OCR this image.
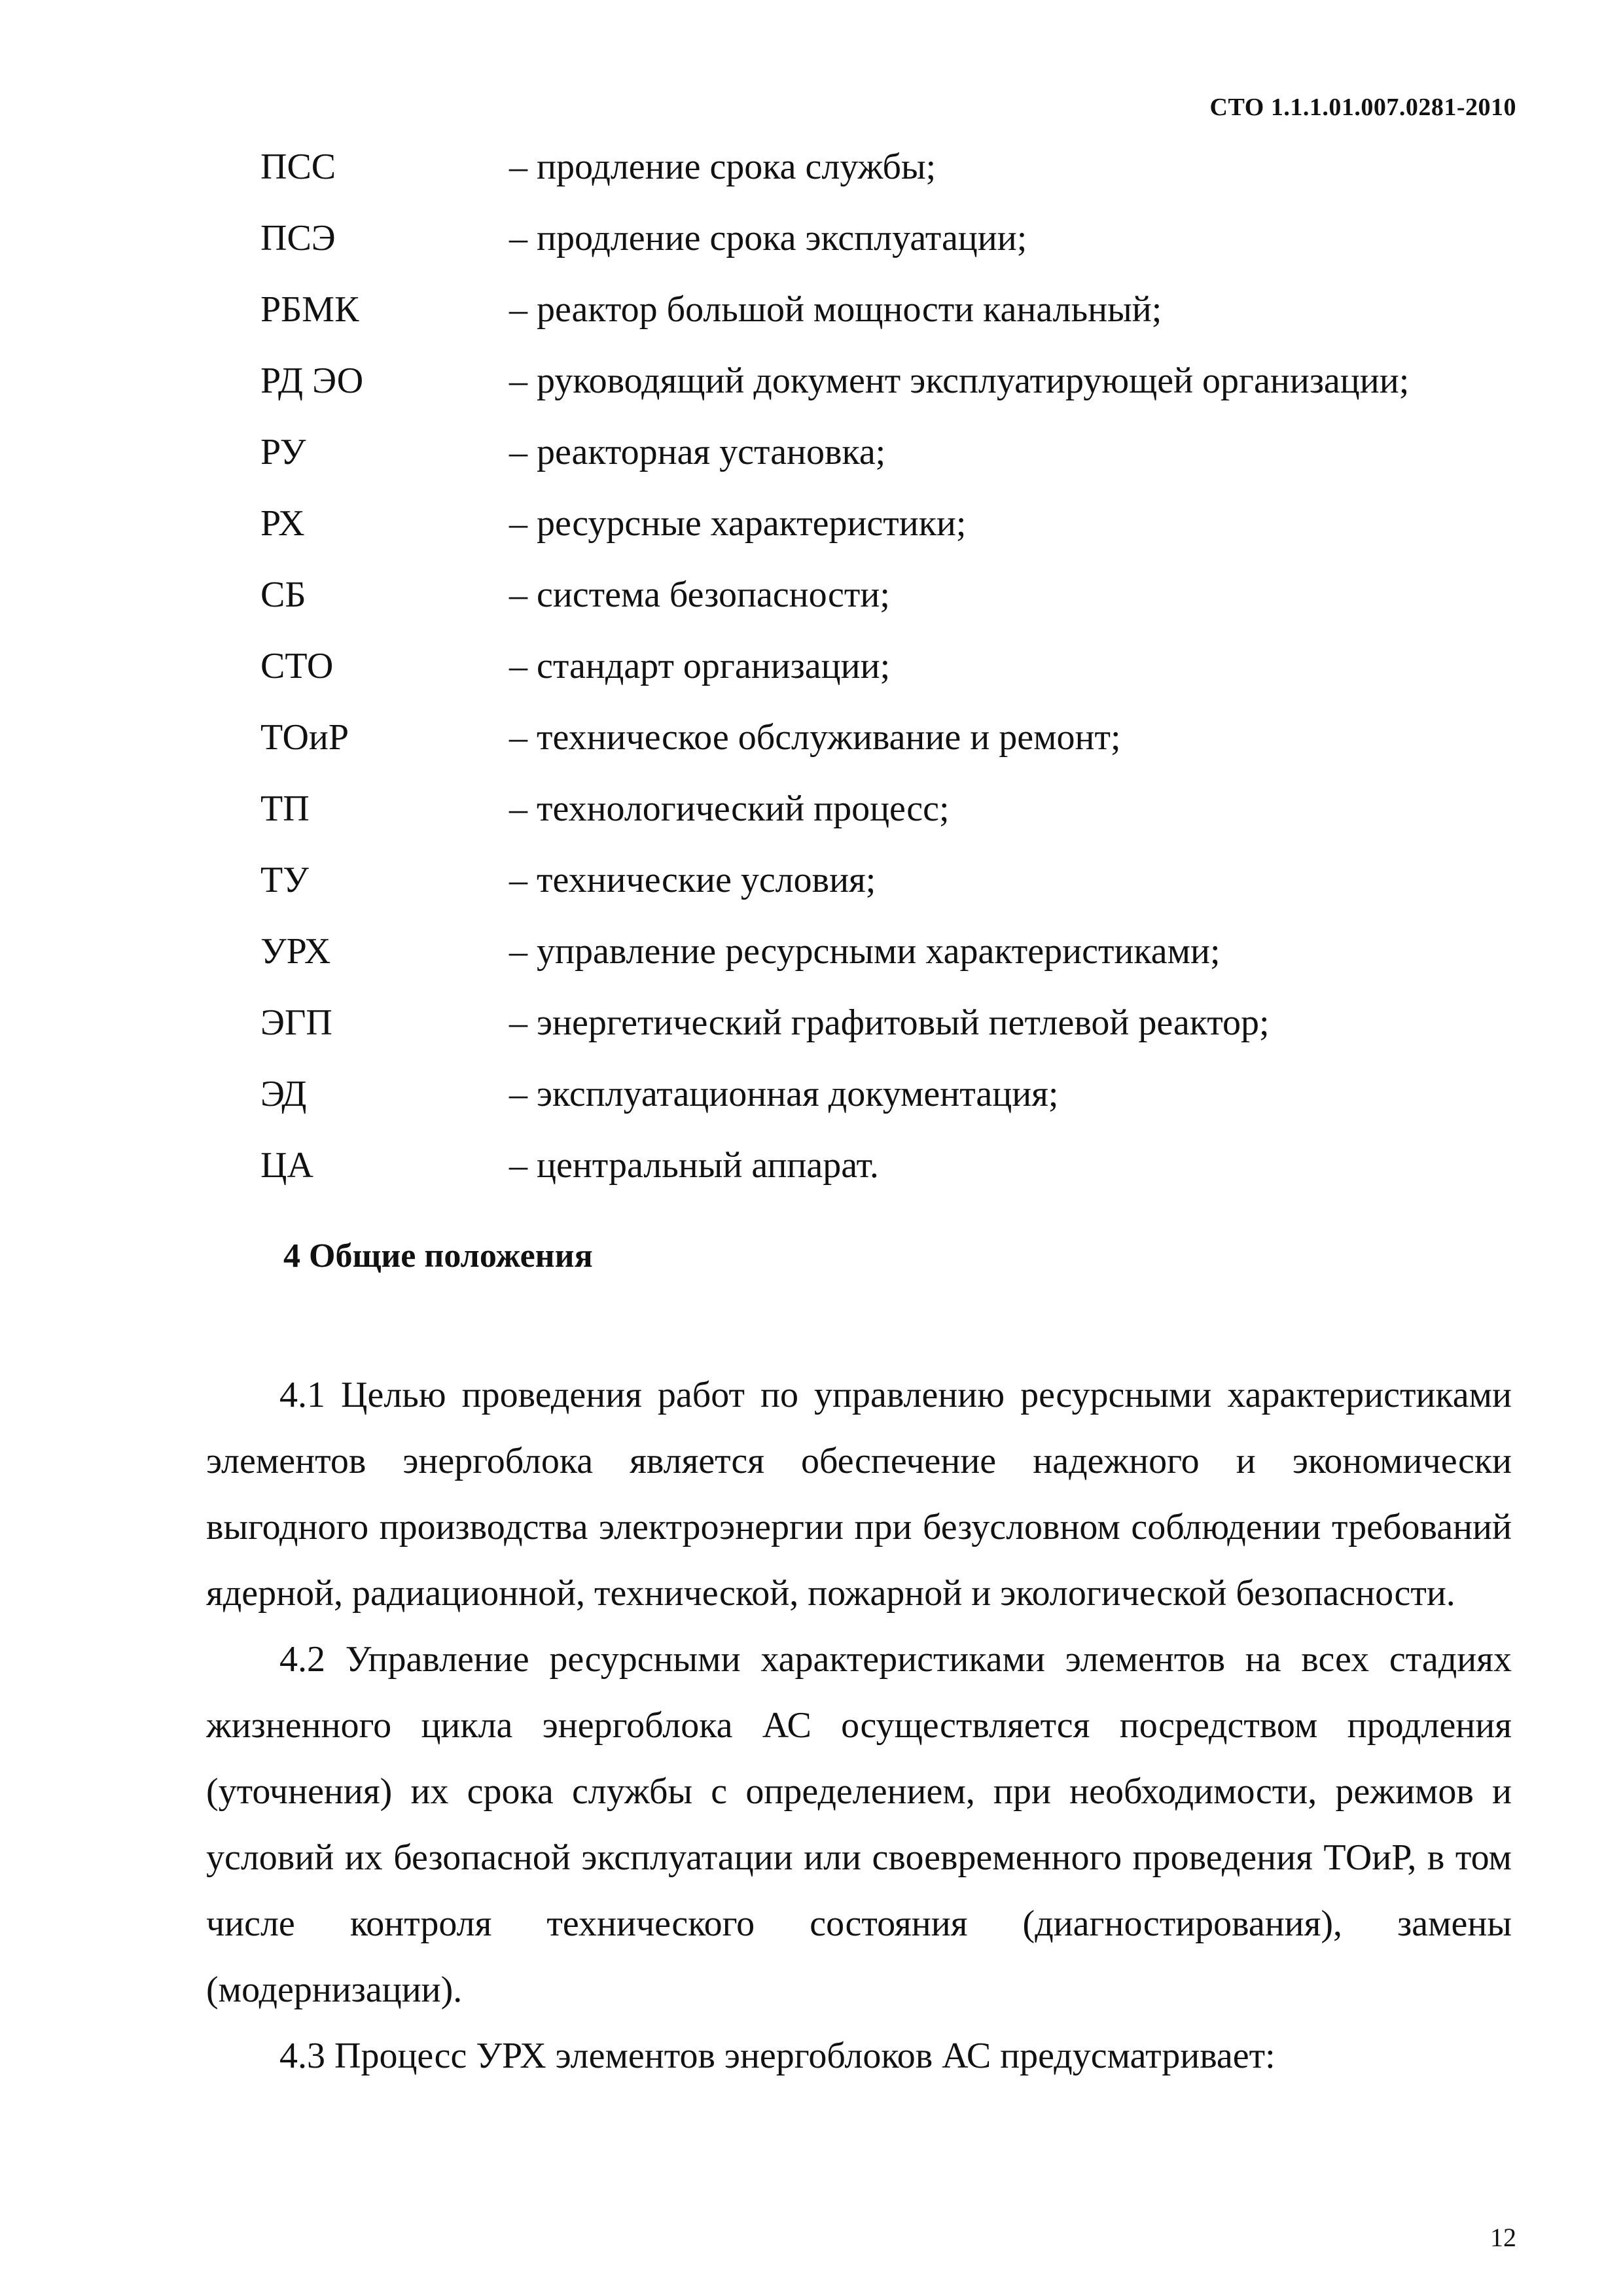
СТО 1.1.1.01.007.0281-2010
ПСС	– продление срока службы;
ПСЭ	– продление срока эксплуатации;
РБМК	– реактор большой мощности канальный;
РД ЭО	– руководящий документ эксплуатирующей организации;
РУ	– реакторная установка;
РХ	– ресурсные характеристики;
СБ	– система безопасности;
СТО	– стандарт организации;
ТОиР	– техническое обслуживание и ремонт;
ТП	– технологический процесс;
ТУ	– технические условия;
УРХ	– управление ресурсными характеристиками;
ЭГП	– энергетический графитовый петлевой реактор;
ЭД	– эксплуатационная документация;
ЦА	– центральный аппарат.
4 Общие положения

4.1 Целью проведения работ по управлению ресурсными характеристиками элементов энергоблока является обеспечение надежного и экономически выгодного производства электроэнергии при безусловном соблюдении требований ядерной, радиационной, технической, пожарной и экологической безопасности.

4.2 Управление ресурсными характеристиками элементов на всех стадиях жизненного цикла энергоблока АС осуществляется посредством продления (уточнения) их срока службы с определением, при необходимости, режимов и условий их безопасной эксплуатации или своевременного проведения ТОиР, в том числе контроля технического состояния (диагностирования), замены (модернизации).

4.3 Процесс УРХ элементов энергоблоков АС предусматривает:

12
